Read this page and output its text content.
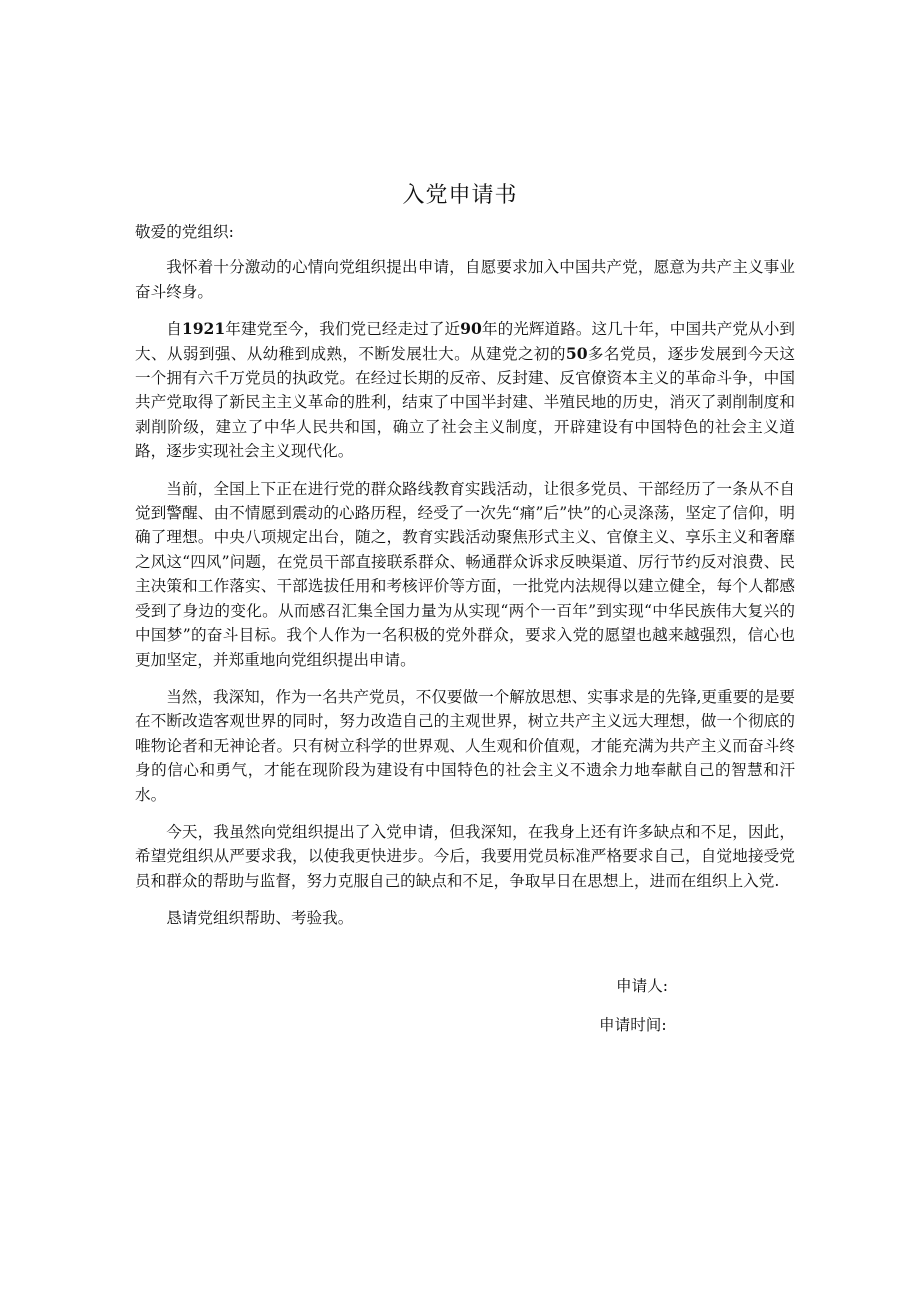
入党申请书

敬爱的党组织:

我怀着十分激动的心情向党组织提出申请，自愿要求加入中国共产党，愿意为共产主义事业奋斗终身。

自1921年建党至今，我们党已经走过了近90年的光辉道路。这几十年，中国共产党从小到大、从弱到强、从幼稚到成熟，不断发展壮大。从建党之初的50多名党员，逐步发展到今天这一个拥有六千万党员的执政党。在经过长期的反帝、反封建、反官僚资本主义的革命斗争，中国共产党取得了新民主主义革命的胜利，结束了中国半封建、半殖民地的历史，消灭了剥削制度和剥削阶级，建立了中华人民共和国，确立了社会主义制度，开辟建设有中国特色的社会主义道路，逐步实现社会主义现代化。

当前，全国上下正在进行党的群众路线教育实践活动，让很多党员、干部经历了一条从不自觉到警醒、由不情愿到震动的心路历程，经受了一次先“痛”后”快”的心灵涤荡，坚定了信仰，明确了理想。中央八项规定出台，随之，教育实践活动聚焦形式主义、官僚主义、享乐主义和奢靡之风这“四风”问题，在党员干部直接联系群众、畅通群众诉求反映渠道、厉行节约反对浪费、民主决策和工作落实、干部选拔任用和考核评价等方面，一批党内法规得以建立健全，每个人都感受到了身边的变化。从而感召汇集全国力量为从实现“两个一百年”到实现“中华民族伟大复兴的中国梦”的奋斗目标。我个人作为一名积极的党外群众，要求入党的愿望也越来越强烈，信心也更加坚定，并郑重地向党组织提出申请。

当然，我深知，作为一名共产党员，不仅要做一个解放思想、实事求是的先锋,更重要的是要在不断改造客观世界的同时，努力改造自己的主观世界，树立共产主义远大理想，做一个彻底的唯物论者和无神论者。只有树立科学的世界观、人生观和价值观，才能充满为共产主义而奋斗终身的信心和勇气，才能在现阶段为建设有中国特色的社会主义不遗余力地奉献自己的智慧和汗水。

今天，我虽然向党组织提出了入党申请，但我深知，在我身上还有许多缺点和不足，因此，希望党组织从严要求我，以使我更快进步。今后，我要用党员标准严格要求自己，自觉地接受党员和群众的帮助与监督，努力克服自己的缺点和不足，争取早日在思想上，进而在组织上入党.

恳请党组织帮助、考验我。

申请人:
申请时间:
